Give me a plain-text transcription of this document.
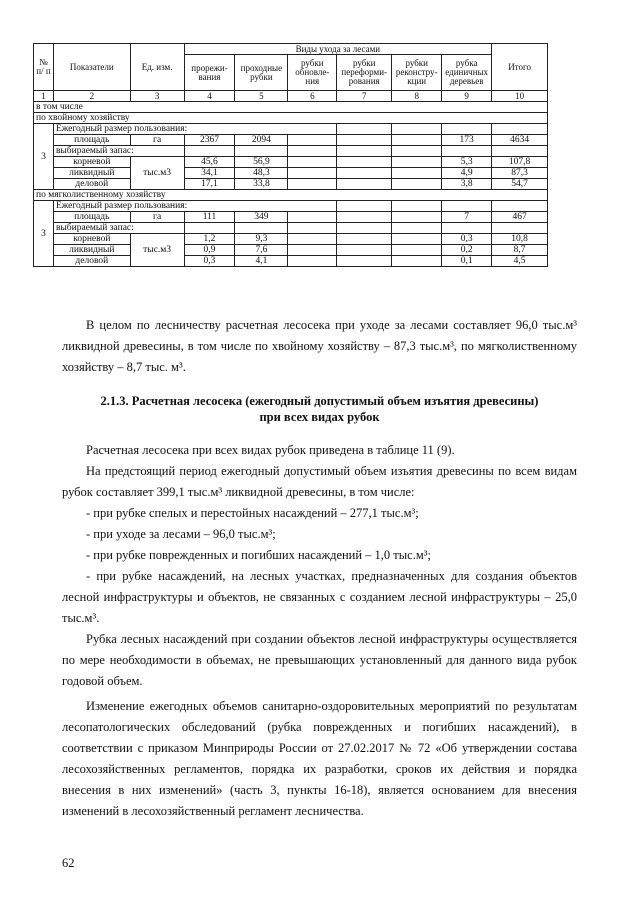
№ п/ п	Показатели	Ед. изм.	Виды ухода за лесами						Итого
			прорежи-вания	проходные рубки	рубки обновле-ния	рубки переформи-рования	рубки реконстру-кции	рубка единичных деревьев	
1	2	3	4	5	6	7	8	9	10
в том числе									
по хвойному хозяйству									
3	Ежегодный размер пользования:								
	площадь	га	2367	2094				173	4634
	выбираемый запас:								
	корневой	тыс.м3	45,6	56,9				5,3	107,8
	ликвидный		34,1	48,3				4,9	87,3
	деловой		17,1	33,8				3,8	54,7
по мягколиственному хозяйству									
3	Ежегодный размер пользования:								
	площадь	га	111	349				7	467
	выбираемый запас:								
	корневой	тыс.м3	1,2	9,3				0,3	10,8
	ликвидный		0,9	7,6				0,2	8,7
	деловой		0,3	4,1				0,1	4,5
В целом по лесничеству расчетная лесосека при уходе за лесами составляет 96,0 тыс.м³ ликвидной древесины, в том числе по хвойному хозяйству – 87,3 тыс.м³, по мягколиственному хозяйству – 8,7 тыс. м³.
2.1.3. Расчетная лесосека (ежегодный допустимый объем изъятия древесины)
при всех видах рубок

Расчетная лесосека при всех видах рубок приведена в таблице 11 (9).

На предстоящий период ежегодный допустимый объем изъятия древесины по всем видам рубок составляет 399,1 тыс.м³ ликвидной древесины, в том числе:

- при рубке спелых и перестойных насаждений – 277,1 тыс.м³;

- при уходе за лесами – 96,0 тыс.м³;

- при рубке поврежденных и погибших насаждений – 1,0 тыс.м³;

- при рубке насаждений, на лесных участках, предназначенных для создания объектов лесной инфраструктуры и объектов, не связанных с созданием лесной инфраструктуры – 25,0 тыс.м³.

Рубка лесных насаждений при создании объектов лесной инфраструктуры осуществляется по мере необходимости в объемах, не превышающих установленный для данного вида рубок годовой объем.

Изменение ежегодных объемов санитарно-оздоровительных мероприятий по результатам лесопатологических обследований (рубка поврежденных и погибших насаждений), в соответствии с приказом Минприроды России от 27.02.2017 № 72 «Об утверждении состава лесохозяйственных регламентов, порядка их разработки, сроков их действия и порядка внесения в них изменений» (часть 3, пункты 16-18), является основанием для внесения изменений в лесохозяйственный регламент лесничества.

62
